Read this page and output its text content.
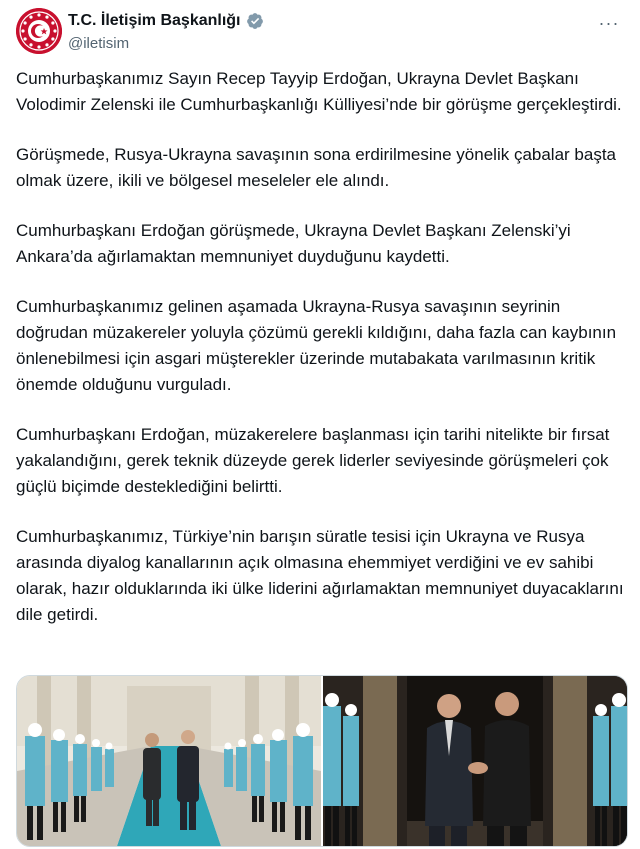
T.C. İletişim Başkanlığı
@iletisim
···

Cumhurbaşkanımız Sayın Recep Tayyip Erdoğan, Ukrayna Devlet Başkanı Volodimir Zelenski ile Cumhurbaşkanlığı Külliyesi’nde bir görüşme gerçekleştirdi.

Görüşmede, Rusya-Ukrayna savaşının sona erdirilmesine yönelik çabalar başta olmak üzere, ikili ve bölgesel meseleler ele alındı.

Cumhurbaşkanı Erdoğan görüşmede, Ukrayna Devlet Başkanı Zelenski’yi Ankara’da ağırlamaktan memnuniyet duyduğunu kaydetti.

Cumhurbaşkanımız gelinen aşamada Ukrayna-Rusya savaşının seyrinin doğrudan müzakereler yoluyla çözümü gerekli kıldığını, daha fazla can kaybının önlenebilmesi için asgari müşterekler üzerinde mutabakata varılmasının kritik önemde olduğunu vurguladı.

Cumhurbaşkanı Erdoğan, müzakerelere başlanması için tarihi nitelikte bir fırsat yakalandığını, gerek teknik düzeyde gerek liderler seviyesinde görüşmeleri çok güçlü biçimde desteklediğini belirtti.

Cumhurbaşkanımız, Türkiye’nin barışın süratle tesisi için Ukrayna ve Rusya arasında diyalog kanallarının açık olmasına ehemmiyet verdiğini ve ev sahibi olarak, hazır olduklarında iki ülke liderini ağırlamaktan memnuniyet duyacaklarını dile getirdi.
